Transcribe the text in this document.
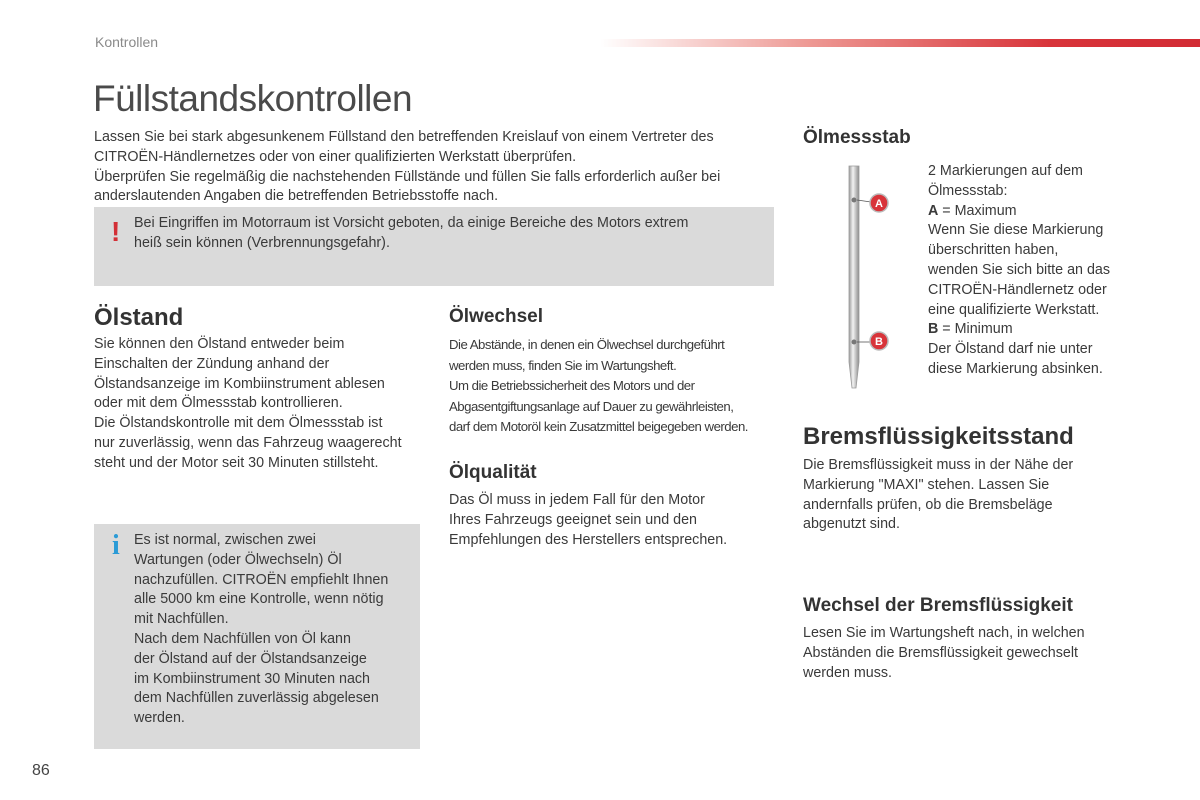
Kontrollen
Füllstandskontrollen

Lassen Sie bei stark abgesunkenem Füllstand den betreffenden Kreislauf von einem Vertreter des

CITROËN-Händlernetzes oder von einer qualifizierten Werkstatt überprüfen.

Überprüfen Sie regelmäßig die nachstehenden Füllstände und füllen Sie falls erforderlich außer bei

anderslautenden Angaben die betreffenden Betriebsstoffe nach.

! Bei Eingriffen im Motorraum ist Vorsicht geboten, da einige Bereiche des Motors extrem

heiß sein können (Verbrennungsgefahr).

Ölstand

Sie können den Ölstand entweder beim

Einschalten der Zündung anhand der

Ölstandsanzeige im Kombiinstrument ablesen

oder mit dem Ölmessstab kontrollieren.

Die Ölstandskontrolle mit dem Ölmessstab ist

nur zuverlässig, wenn das Fahrzeug waagerecht

steht und der Motor seit 30 Minuten stillsteht.

i Es ist normal, zwischen zwei

Wartungen (oder Ölwechseln) Öl

nachzufüllen. CITROËN empfiehlt Ihnen

alle 5000 km eine Kontrolle, wenn nötig

mit Nachfüllen.

Nach dem Nachfüllen von Öl kann

der Ölstand auf der Ölstandsanzeige

im Kombiinstrument 30 Minuten nach

dem Nachfüllen zuverlässig abgelesen

werden.

Ölwechsel

Die Abstände, in denen ein Ölwechsel durchgeführt

werden muss, finden Sie im Wartungsheft.

Um die Betriebssicherheit des Motors und der

Abgasentgiftungsanlage auf Dauer zu gewährleisten,

darf dem Motoröl kein Zusatzmittel beigegeben werden.

Ölqualität

Das Öl muss in jedem Fall für den Motor

Ihres Fahrzeugs geeignet sein und den

Empfehlungen des Herstellers entsprechen.

Ölmessstab
A
B

2 Markierungen auf dem

Ölmessstab:

A = Maximum

Wenn Sie diese Markierung

überschritten haben,

wenden Sie sich bitte an das

CITROËN-Händlernetz oder

eine qualifizierte Werkstatt.

B = Minimum

Der Ölstand darf nie unter

diese Markierung absinken.

Bremsflüssigkeitsstand

Die Bremsflüssigkeit muss in der Nähe der

Markierung "MAXI" stehen. Lassen Sie

andernfalls prüfen, ob die Bremsbeläge

abgenutzt sind.

Wechsel der Bremsflüssigkeit

Lesen Sie im Wartungsheft nach, in welchen

Abständen die Bremsflüssigkeit gewechselt

werden muss.

86
